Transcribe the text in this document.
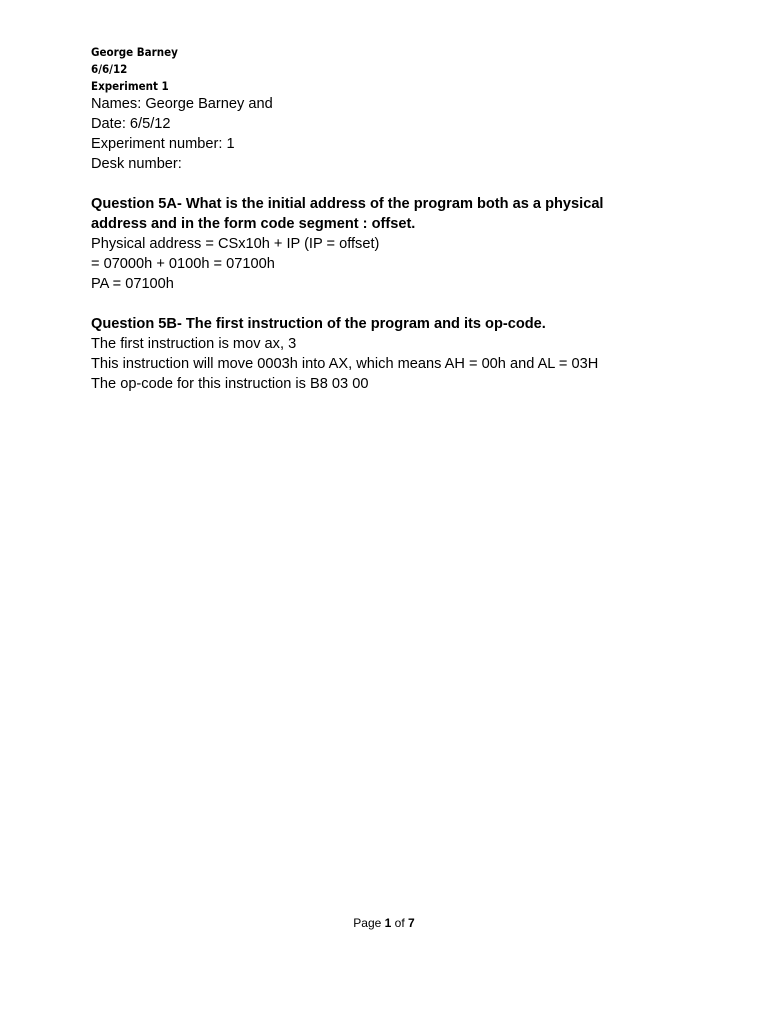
George Barney
6/6/12
Experiment 1
Names: George Barney and
Date: 6/5/12
Experiment number: 1
Desk number:
Question 5A- What is the initial address of the program both as a physical address and in the form code segment : offset.
Physical address = CSx10h + IP (IP = offset)
= 07000h + 0100h = 07100h
PA = 07100h
Question 5B- The first instruction of the program and its op-code.
The first instruction is mov ax, 3
This instruction will move 0003h into AX, which means AH = 00h and AL = 03H
The op-code for this instruction is B8 03 00
Page 1 of 7
